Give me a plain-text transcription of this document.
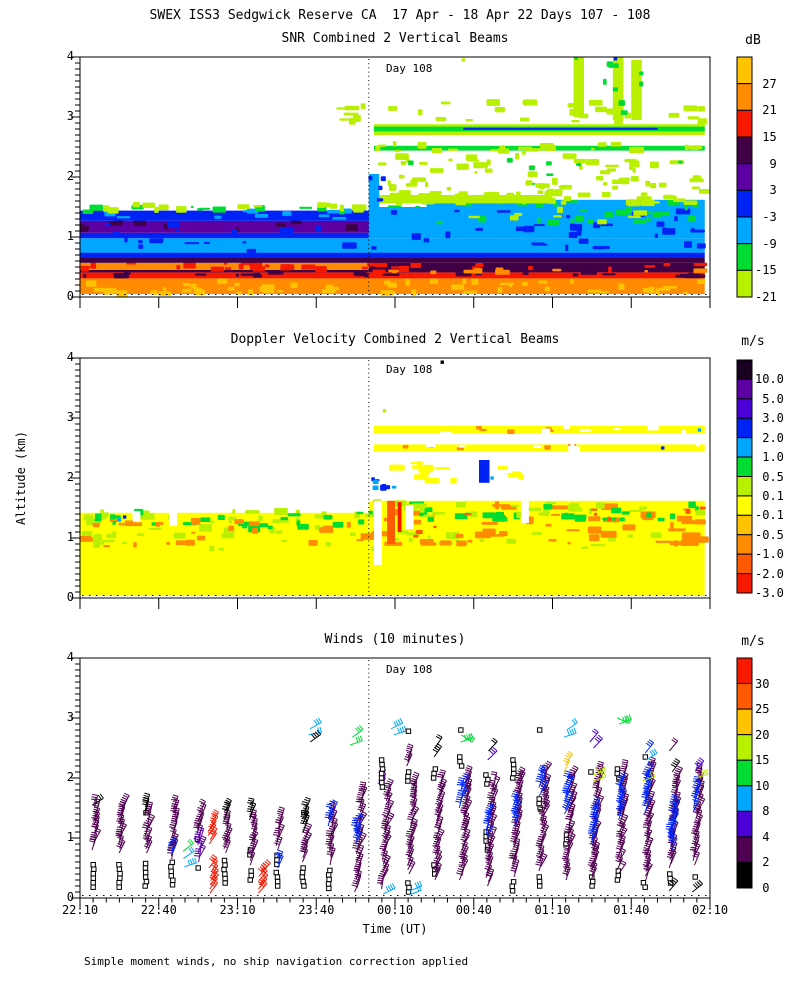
SWEX ISS3 Sedgwick Reserve CA  17 Apr - 18 Apr 22 Days 107 - 108
SNR Combined 2 Vertical Beams
Doppler Velocity Combined 2 Vertical Beams
Winds (10 minutes)
dB
m/s
m/s
Day 108
Day 108
Day 108
Time (UT)
Altitude (km)
Simple moment winds, no ship navigation correction applied
0
1
2
3
4
27
21
15
9
3
-3
-9
-15
-21
0
1
2
3
4
10.0
5.0
3.0
2.0
1.0
0.5
0.1
-0.1
-0.5
-1.0
-2.0
-3.0
0
1
2
3
4
30
25
20
15
10
8
4
2
0
22:10	22:40	23:10	23:40	00:10	00:40	01:10	01:40	02:10
